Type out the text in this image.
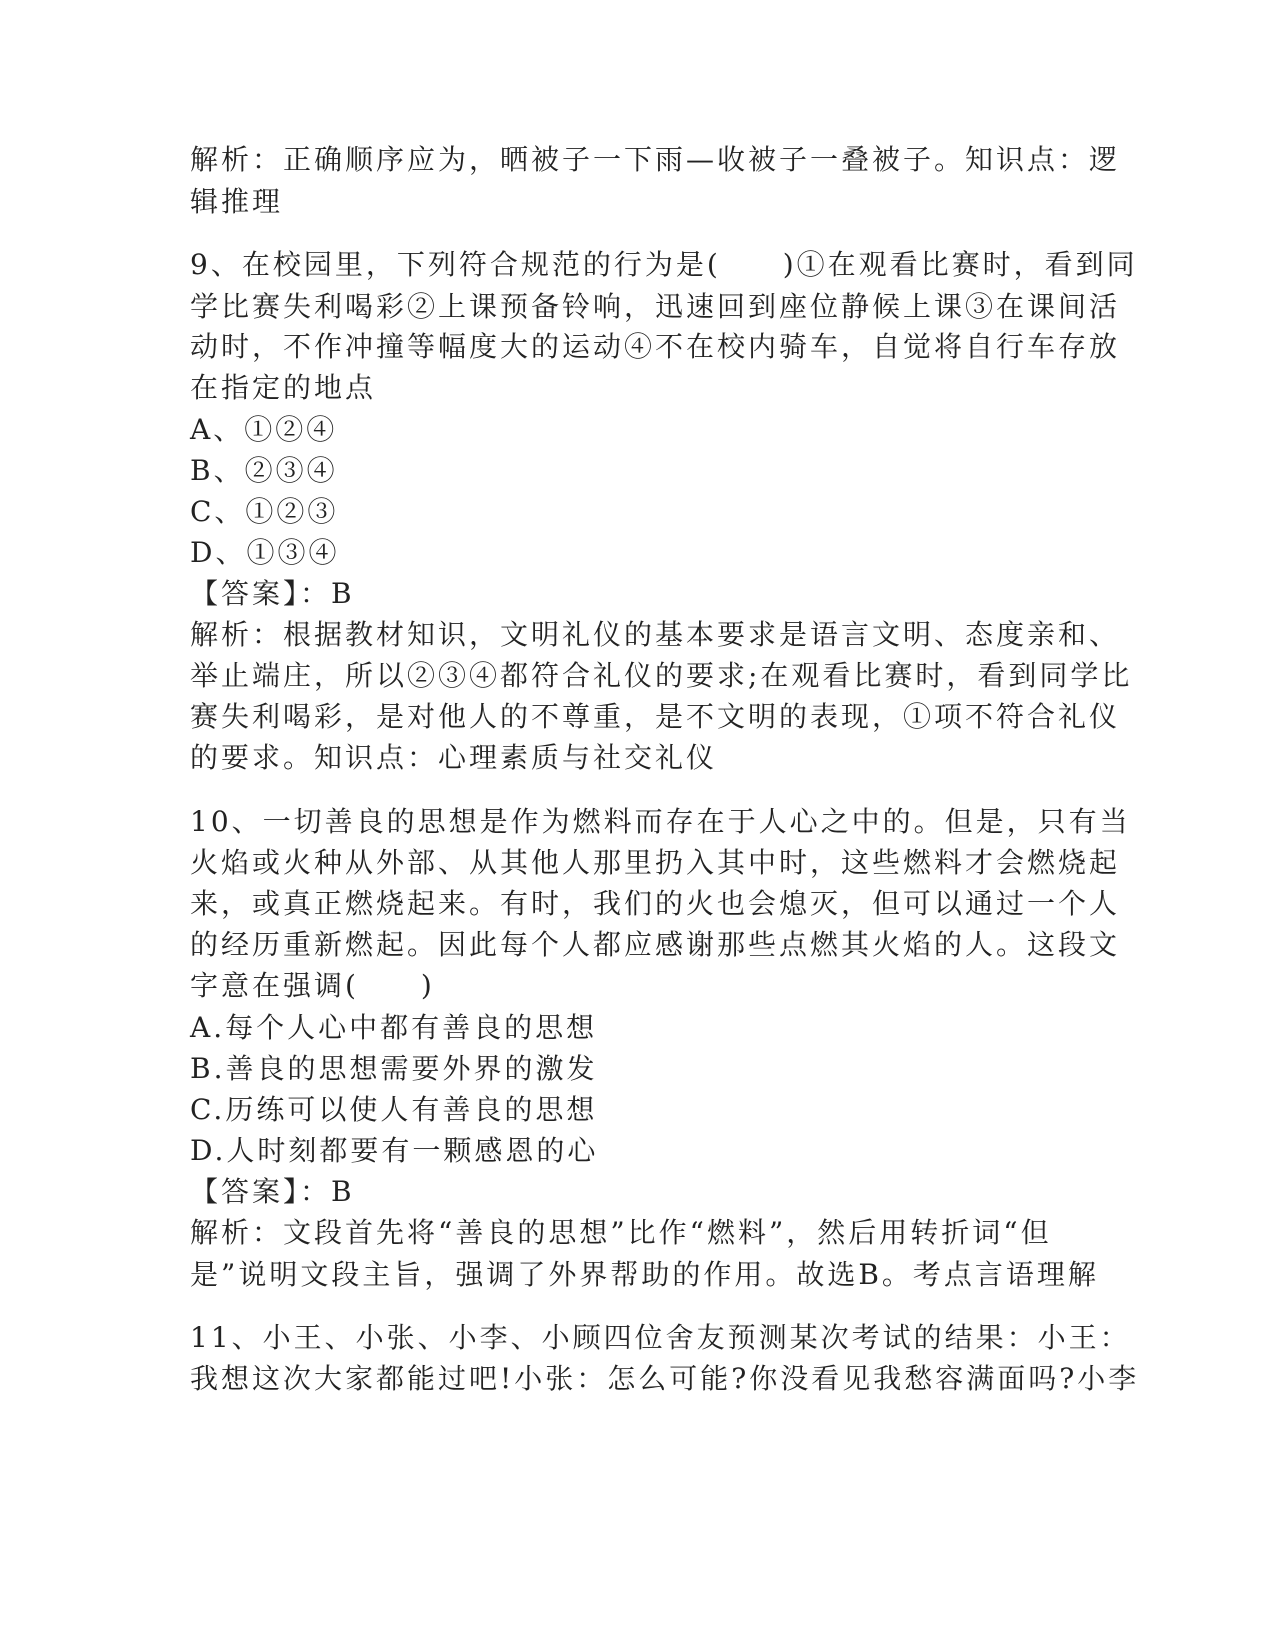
解析：正确顺序应为，晒被子一下雨—收被子一叠被子。知识点：逻
辑推理
9、在校园里，下列符合规范的行为是(　　)①在观看比赛时，看到同
学比赛失利喝彩②上课预备铃响，迅速回到座位静候上课③在课间活
动时，不作冲撞等幅度大的运动④不在校内骑车，自觉将自行车存放
在指定的地点
A、①②④
B、②③④
C、①②③
D、①③④
【答案】：B
解析：根据教材知识，文明礼仪的基本要求是语言文明、态度亲和、
举止端庄，所以②③④都符合礼仪的要求;在观看比赛时，看到同学比
赛失利喝彩，是对他人的不尊重，是不文明的表现，①项不符合礼仪
的要求。知识点：心理素质与社交礼仪
10、一切善良的思想是作为燃料而存在于人心之中的。但是，只有当
火焰或火种从外部、从其他人那里扔入其中时，这些燃料才会燃烧起
来，或真正燃烧起来。有时，我们的火也会熄灭，但可以通过一个人
的经历重新燃起。因此每个人都应感谢那些点燃其火焰的人。这段文
字意在强调(　　)
A.每个人心中都有善良的思想
B.善良的思想需要外界的激发
C.历练可以使人有善良的思想
D.人时刻都要有一颗感恩的心
【答案】：B
解析：文段首先将“善良的思想”比作“燃料”，然后用转折词“但
是”说明文段主旨，强调了外界帮助的作用。故选B。考点言语理解
11、小王、小张、小李、小顾四位舍友预测某次考试的结果：小王：
我想这次大家都能过吧!小张：怎么可能?你没看见我愁容满面吗?小李
